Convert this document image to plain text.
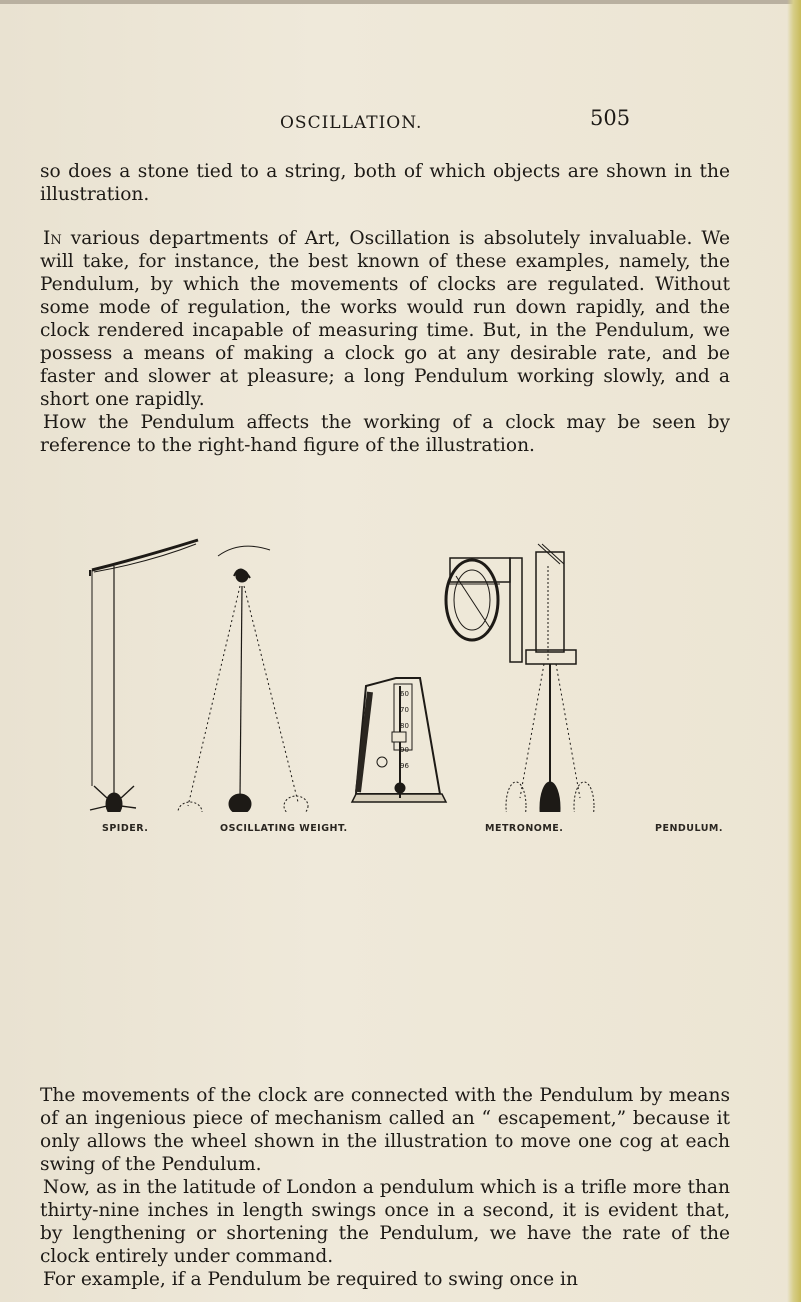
OSCILLATION.	505

so does a stone tied to a string, both of which objects are shown in the illustration.

In various departments of Art, Oscillation is absolutely invaluable. We will take, for instance, the best known of these examples, namely, the Pendulum, by which the movements of clocks are regulated. Without some mode of regulation, the works would run down rapidly, and the clock rendered incapable of measuring time. But, in the Pendulum, we possess a means of making a clock go at any desirable rate, and be faster and slower at pleasure; a long Pendulum working slowly, and a short one rapidly.

How the Pendulum affects the working of a clock may be seen by reference to the right-hand figure of the illustration.

60
70
80
90
96
SPIDER.	OSCILLATING WEIGHT.	METRONOME.	PENDULUM.

The movements of the clock are connected with the Pendulum by means of an ingenious piece of mechanism called an “ escapement,” because it only allows the wheel shown in the illustration to move one cog at each swing of the Pendulum.

Now, as in the latitude of London a pendulum which is a trifle more than thirty-nine inches in length swings once in a second, it is evident that, by lengthening or shortening the Pendulum, we have the rate of the clock entirely under command.

For example, if a Pendulum be required to swing once in
